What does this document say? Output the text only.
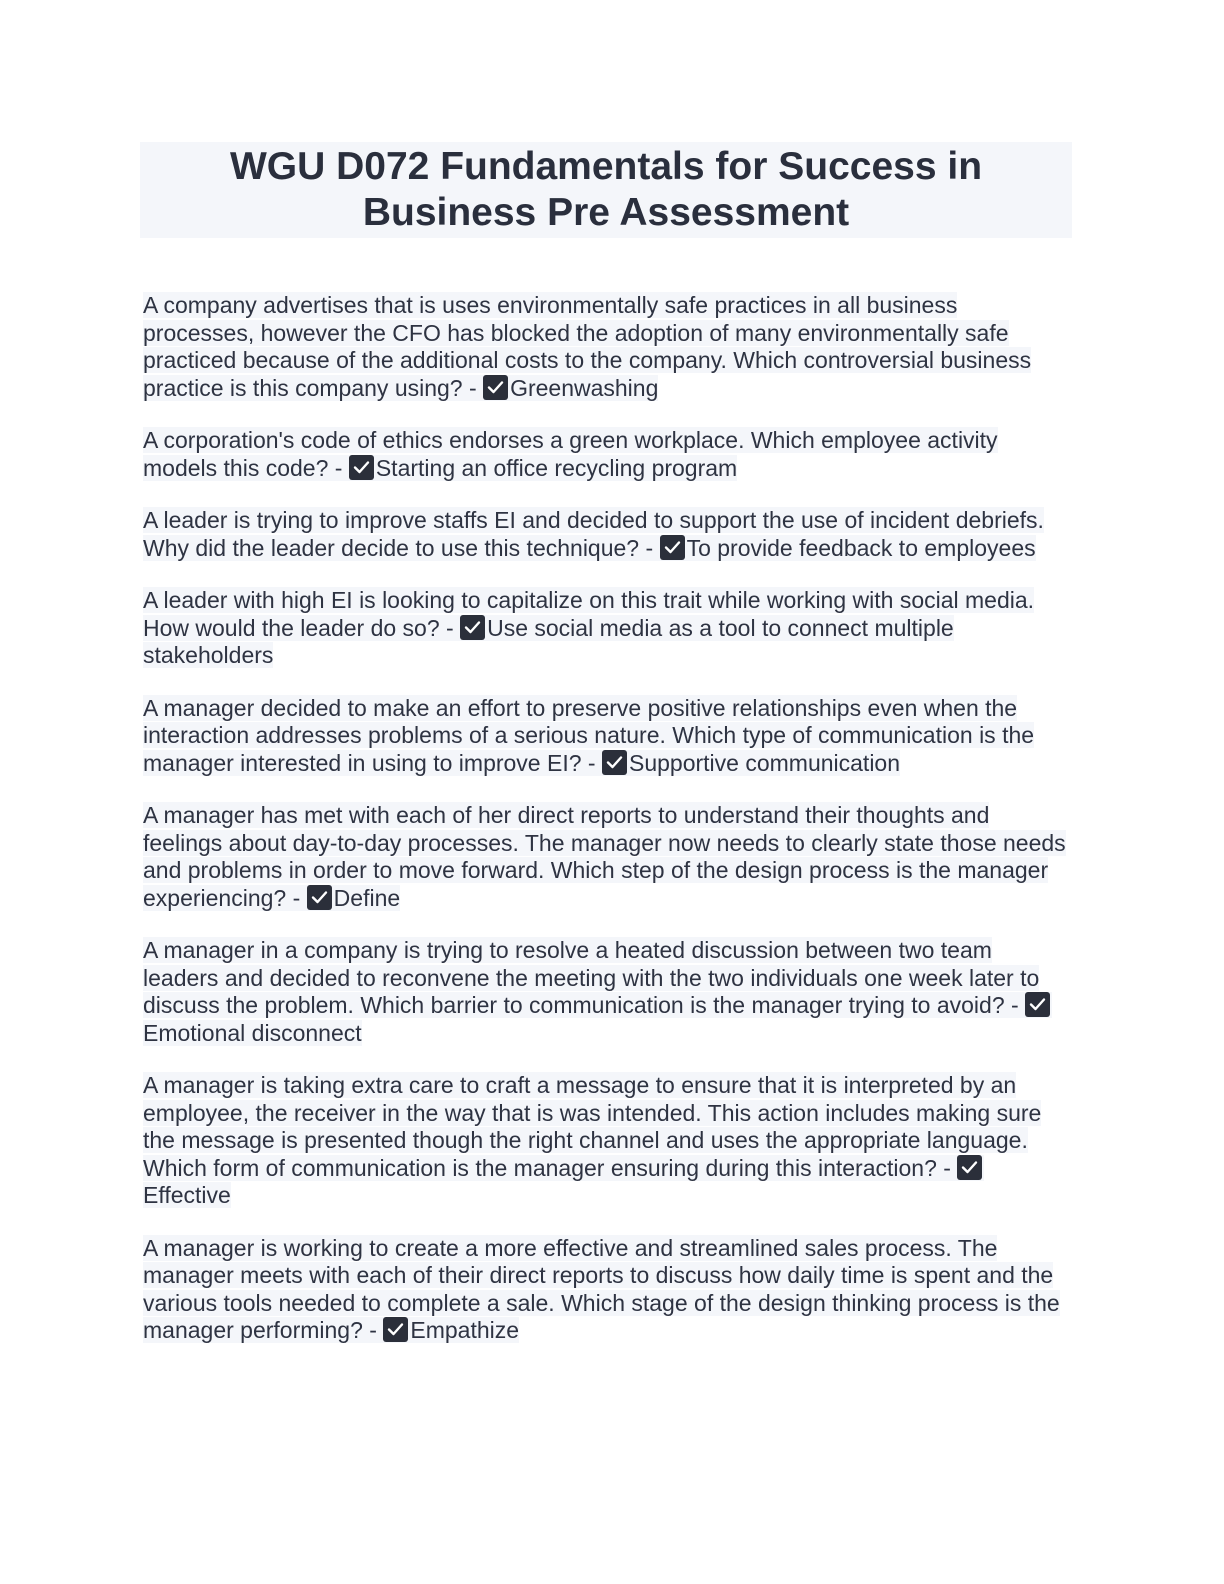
WGU D072 Fundamentals for Success in Business Pre Assessment

A company advertises that is uses environmentally safe practices in all business processes, however the CFO has blocked the adoption of many environmentally safe practiced because of the additional costs to the company. Which controversial business practice is this company using? -
Greenwashing

A corporation's code of ethics endorses a green workplace. Which employee activity models this code? -
Starting an office recycling program

A leader is trying to improve staffs EI and decided to support the use of incident debriefs. Why did the leader decide to use this technique? -
To provide feedback to employees

A leader with high EI is looking to capitalize on this trait while working with social media. How would the leader do so? -
Use social media as a tool to connect multiple stakeholders

A manager decided to make an effort to preserve positive relationships even when the interaction addresses problems of a serious nature. Which type of communication is the manager interested in using to improve EI? -
Supportive communication

A manager has met with each of her direct reports to understand their thoughts and feelings about day-to-day processes. The manager now needs to clearly state those needs and problems in order to move forward. Which step of the design process is the manager experiencing? -
Define

A manager in a company is trying to resolve a heated discussion between two team leaders and decided to reconvene the meeting with the two individuals one week later to discuss the problem. Which barrier to communication is the manager trying to avoid? -
Emotional disconnect

A manager is taking extra care to craft a message to ensure that it is interpreted by an employee, the receiver in the way that is was intended. This action includes making sure the message is presented though the right channel and uses the appropriate language. Which form of communication is the manager ensuring during this interaction? -
Effective

A manager is working to create a more effective and streamlined sales process. The manager meets with each of their direct reports to discuss how daily time is spent and the various tools needed to complete a sale. Which stage of the design thinking process is the manager performing? -
Empathize
